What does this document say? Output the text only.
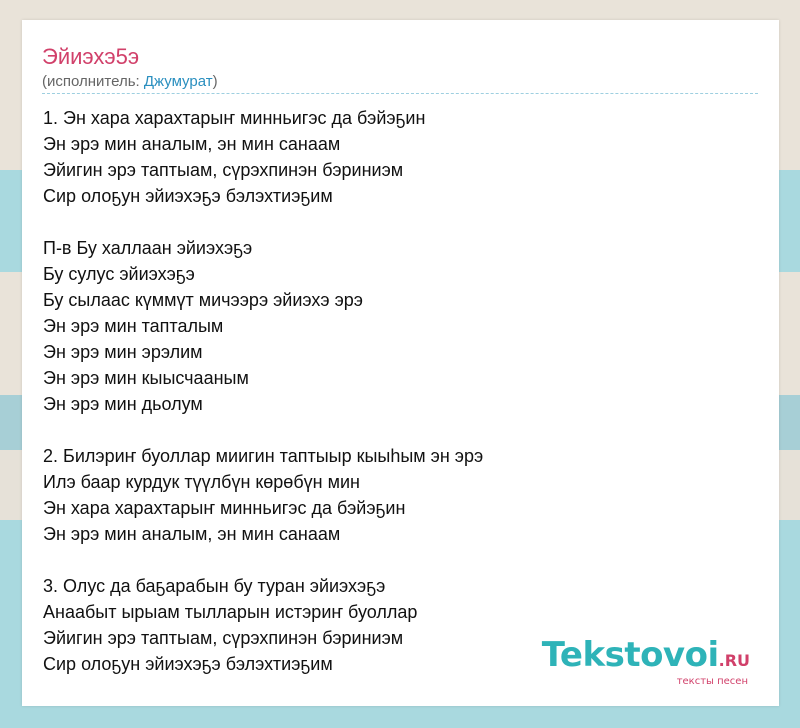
Эйиэхэ5э
(исполнитель: Джумурат)
1. Эн хара харахтарыҥ минньигэс да бэйэҕин
Эн эрэ мин аналым, эн мин санаам
Эйигин эрэ таптыам, сүрэхпинэн бэриниэм
Сир олоҕун эйиэхэҕэ бэлэхтиэҕим
П-в Бу халлаан эйиэхэҕэ
Бу сулус эйиэхэҕэ
Бу сылаас күммүт мичээрэ эйиэхэ эрэ
Эн эрэ мин тапталым
Эн эрэ мин эрэлим
Эн эрэ мин кыысчааным
Эн эрэ мин дьолум
2. Билэриҥ буоллар миигин таптыыр кыыһым эн эрэ
Илэ баар курдук түүлбүн көрөбүн мин
Эн хара харахтарыҥ минньигэс да бэйэҕин
Эн эрэ мин аналым, эн мин санаам
3. Олус да баҕарабын бу туран эйиэхэҕэ
Анаабыт ырыам тылларын истэриҥ буоллар
Эйигин эрэ таптыам, сүрэхпинэн бэриниэм
Сир олоҕун эйиэхэҕэ бэлэхтиэҕим	Tekstovoi.RU
тексты песен
